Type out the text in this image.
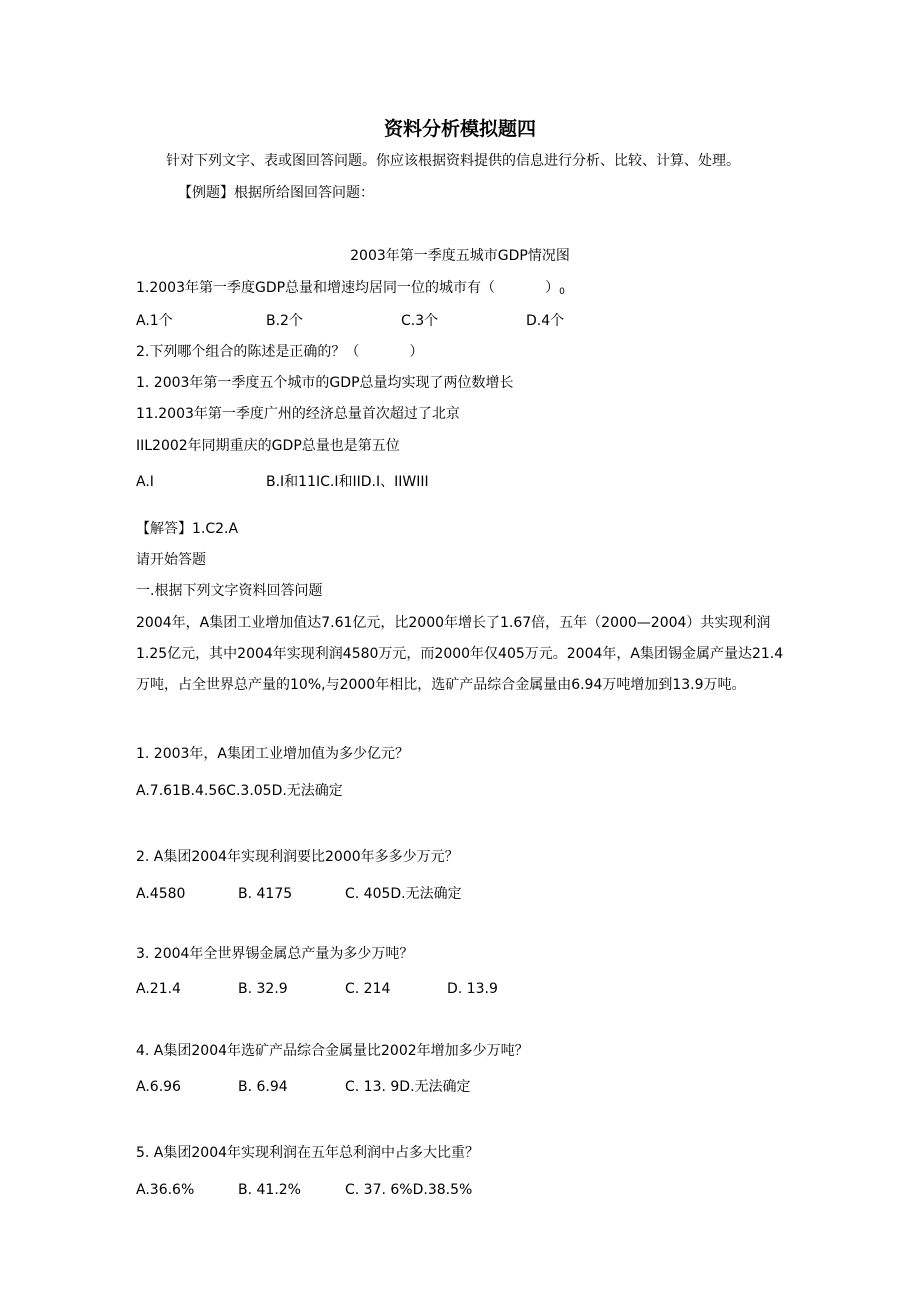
资料分析模拟题四
针对下列文字、表或图回答问题。你应该根据资料提供的信息进行分析、比较、计算、处理。
【例题】根据所给图回答问题：
2003年第一季度五城市GDP情况图
1.2003年第一季度GDP总量和增速均居同一位的城市有（	）0
A.1个	B.2个	C.3个	D.4个
2.下列哪个组合的陈述是正确的？（	）
1. 2003年第一季度五个城市的GDP总量均实现了两位数增长
11.2003年第一季度广州的经济总量首次超过了北京
IIL2002年同期重庆的GDP总量也是第五位
A.I	B.I和11IC.I和IID.I、IIWIII
【解答】1.C2.A
请开始答题
一.根据下列文字资料回答问题
2004年，A集团工业增加值达7.61亿元，比2000年增长了1.67倍，五年（2000—2004）共实现利润1.25亿元，其中2004年实现利润4580万元，而2000年仅405万元。2004年，A集团锡金属产量达21.4万吨，占全世界总产量的10%,与2000年相比，选矿产品综合金属量由6.94万吨增加到13.9万吨。
1. 2003年，A集团工业增加值为多少亿元？
A.7.61B.4.56C.3.05D.无法确定
2. A集团2004年实现利润要比2000年多多少万元？
A.4580	B. 4175	C. 405D.无法确定
3. 2004年全世界锡金属总产量为多少万吨？
A.21.4	B. 32.9	C. 214	D. 13.9
4. A集团2004年选矿产品综合金属量比2002年增加多少万吨？
A.6.96	B. 6.94	C. 13. 9D.无法确定
5. A集团2004年实现利润在五年总利润中占多大比重？
A.36.6%	B. 41.2%	C. 37. 6%D.38.5%
